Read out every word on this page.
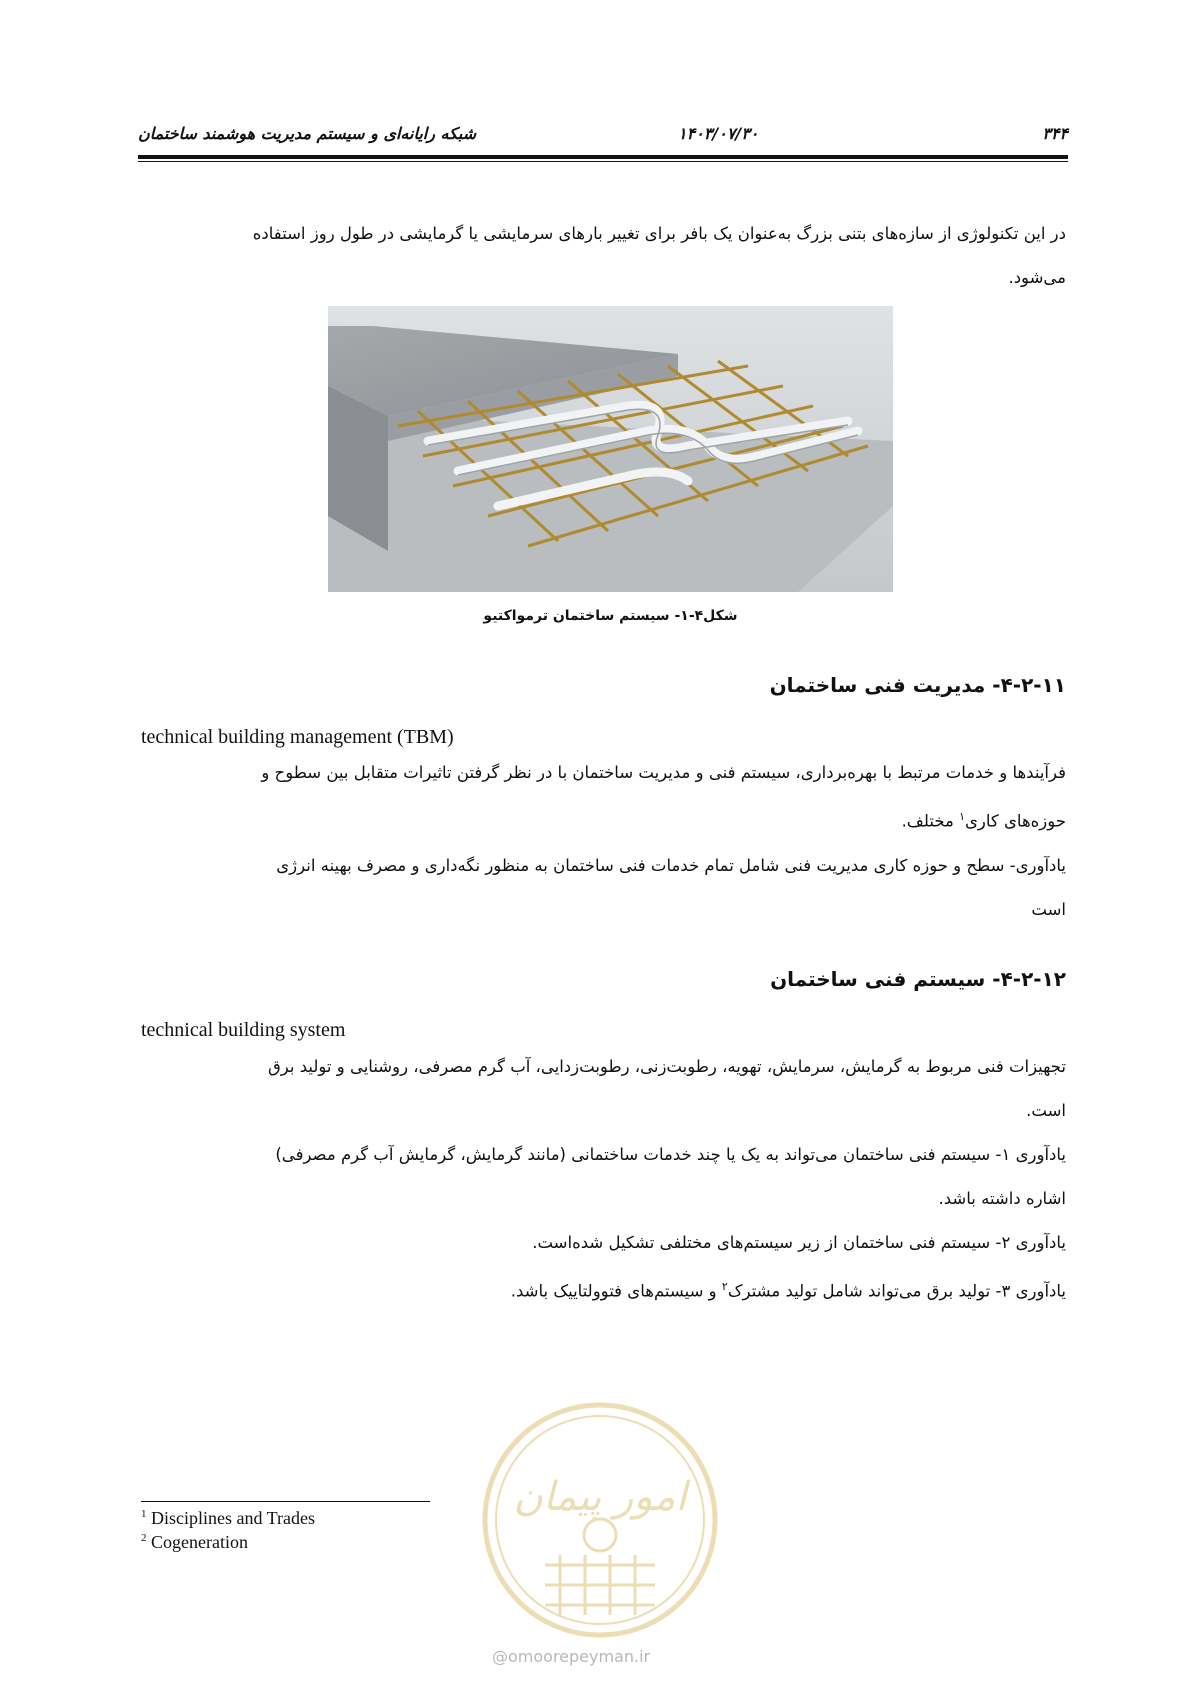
۳۴۴
۱۴۰۳/۰۷/۳۰
شبکه رایانه‌ای و سیستم مدیریت هوشمند ساختمان
در این تکنولوژی از سازه‌های بتنی بزرگ به‌عنوان یک بافر برای تغییر بارهای سرمایشی یا گرمایشی در طول روز استفاده
می‌شود.
شکل۴-۱- سیستم ساختمان ترمواکتیو
۴-۲-۱۱- مدیریت فنی ساختمان
technical building management (TBM)
فرآیندها و خدمات مرتبط با بهره‌برداری، سیستم فنی و مدیریت ساختمان با در نظر گرفتن تاثیرات متقابل بین سطوح و
حوزه‌های کاری$^۱$ مختلف.
یادآوری- سطح و حوزه کاری مدیریت فنی شامل تمام خدمات فنی ساختمان به منظور نگه‌داری و مصرف بهینه انرژی
است
۴-۲-۱۲- سیستم فنی ساختمان
technical building system
تجهیزات فنی مربوط به گرمایش، سرمایش، تهویه، رطوبت‌زنی، رطوبت‌زدایی، آب گرم مصرفی، روشنایی و تولید برق
است.
یادآوری ۱- سیستم فنی ساختمان می‌تواند به یک یا چند خدمات ساختمانی (مانند گرمایش، گرمایش آب گرم مصرفی)
اشاره داشته باشد.
یادآوری ۲- سیستم فنی ساختمان از زیر سیستم‌های مختلفی تشکیل شده‌است.
یادآوری ۳- تولید برق می‌تواند شامل تولید مشترک$^۲$ و سیستم‌های فتوولتاییک باشد.
امور پیمان
@omoorepeyman.ir
$^1$ Disciplines and Trades
$^2$ Cogeneration
